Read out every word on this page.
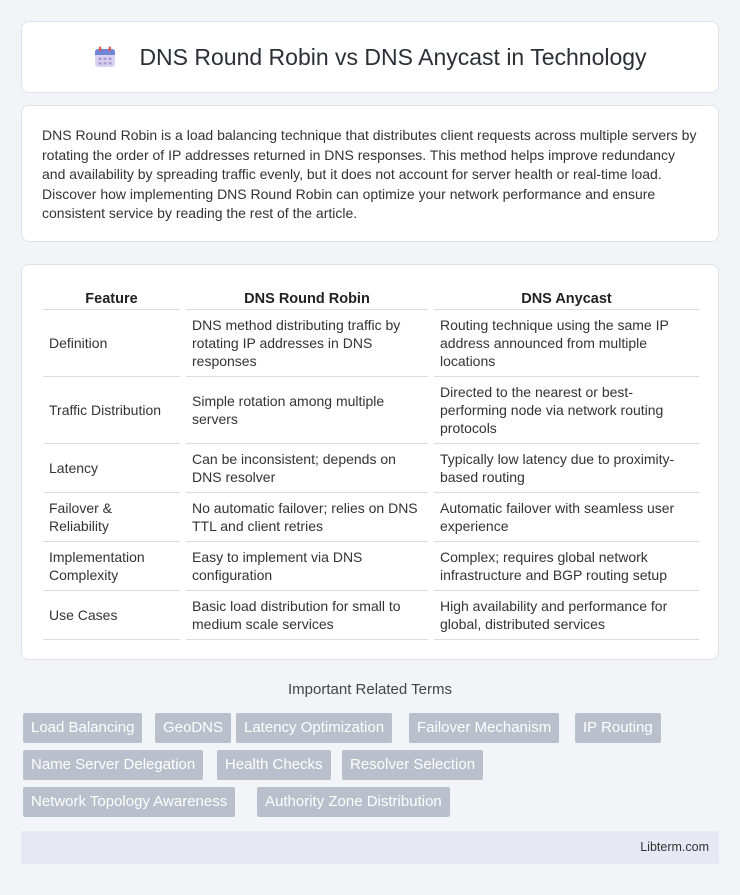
DNS Round Robin vs DNS Anycast in Technology

DNS Round Robin is a load balancing technique that distributes client requests across multiple servers by rotating the order of IP addresses returned in DNS responses. This method helps improve redundancy and availability by spreading traffic evenly, but it does not account for server health or real-time load. Discover how implementing DNS Round Robin can optimize your network performance and ensure consistent service by reading the rest of the article.

Feature		DNS Round Robin		DNS Anycast
Definition		DNS method distributing traffic by rotating IP addresses in DNS responses		Routing technique using the same IP address announced from multiple locations
Traffic Distribution		Simple rotation among multiple servers		Directed to the nearest or best-performing node via network routing protocols
Latency		Can be inconsistent; depends on DNS resolver		Typically low latency due to proximity-based routing
Failover & Reliability		No automatic failover; relies on DNS TTL and client retries		Automatic failover with seamless user experience
Implementation Complexity		Easy to implement via DNS configuration		Complex; requires global network infrastructure and BGP routing setup
Use Cases		Basic load distribution for small to medium scale services		High availability and performance for global, distributed services
Important Related Terms
Load Balancing	GeoDNS	Latency Optimization	Failover Mechanism	IP Routing
Name Server Delegation	Health Checks	Resolver Selection
Network Topology Awareness	Authority Zone Distribution
Libterm.com
